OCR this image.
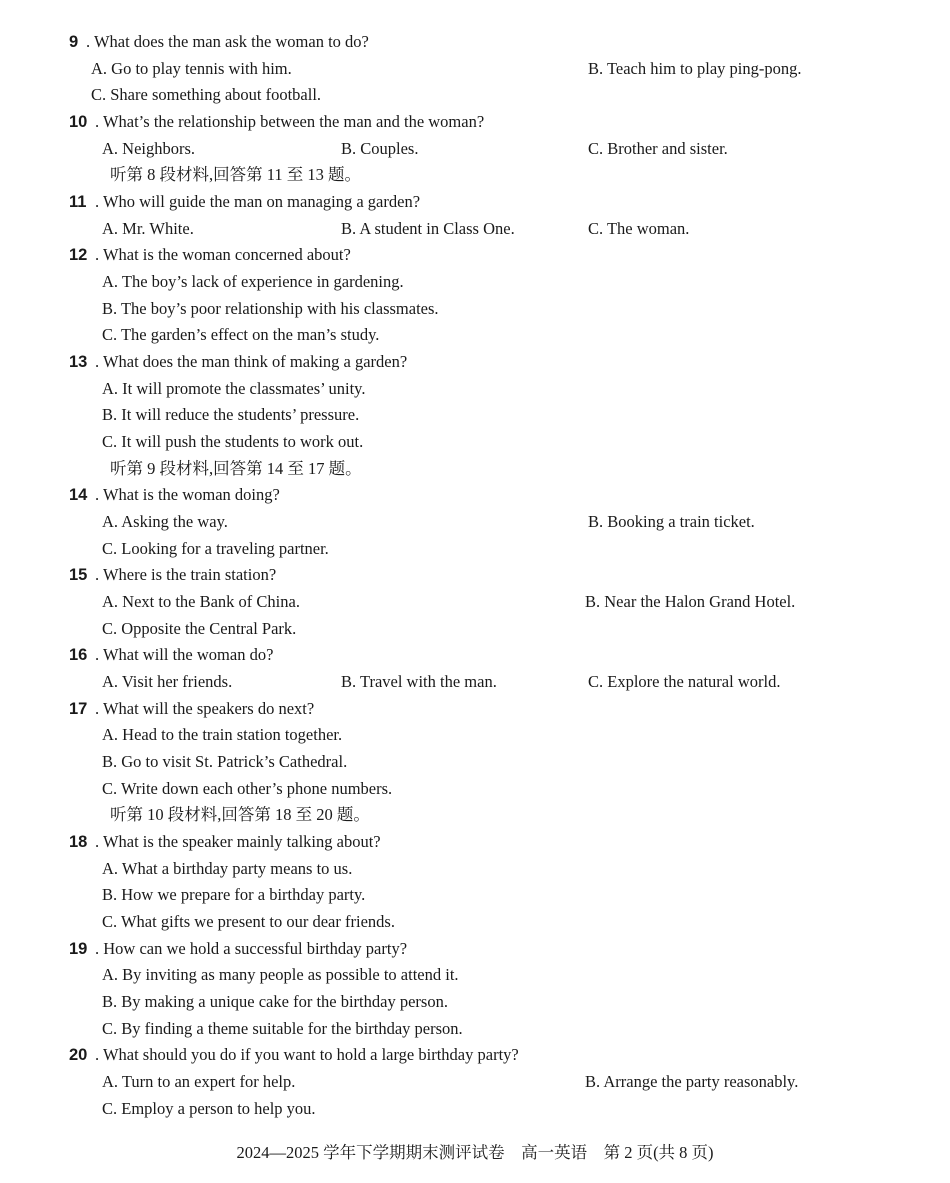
9 . What does the man ask the woman to do?
A. Go to play tennis with him.	B. Teach him to play ping-pong.
C. Share something about football.
10 . What’s the relationship between the man and the woman?
A. Neighbors.	B. Couples.	C. Brother and sister.
听第 8 段材料,回答第 11 至 13 题。
11 . Who will guide the man on managing a garden?
A. Mr. White.	B. A student in Class One.	C. The woman.
12 . What is the woman concerned about?
A. The boy’s lack of experience in gardening.
B. The boy’s poor relationship with his classmates.
C. The garden’s effect on the man’s study.
13 . What does the man think of making a garden?
A. It will promote the classmates’ unity.
B. It will reduce the students’ pressure.
C. It will push the students to work out.
听第 9 段材料,回答第 14 至 17 题。
14 . What is the woman doing?
A. Asking the way.	B. Booking a train ticket.
C. Looking for a traveling partner.
15 . Where is the train station?
A. Next to the Bank of China.	B. Near the Halon Grand Hotel.
C. Opposite the Central Park.
16 . What will the woman do?
A. Visit her friends.	B. Travel with the man.	C. Explore the natural world.
17 . What will the speakers do next?
A. Head to the train station together.
B. Go to visit St. Patrick’s Cathedral.
C. Write down each other’s phone numbers.
听第 10 段材料,回答第 18 至 20 题。
18 . What is the speaker mainly talking about?
A. What a birthday party means to us.
B. How we prepare for a birthday party.
C. What gifts we present to our dear friends.
19 . How can we hold a successful birthday party?
A. By inviting as many people as possible to attend it.
B. By making a unique cake for the birthday person.
C. By finding a theme suitable for the birthday person.
20 . What should you do if you want to hold a large birthday party?
A. Turn to an expert for help.	B. Arrange the party reasonably.
C. Employ a person to help you.
2024—2025 学年下学期期末测评试卷　高一英语　第 2 页(共 8 页)
